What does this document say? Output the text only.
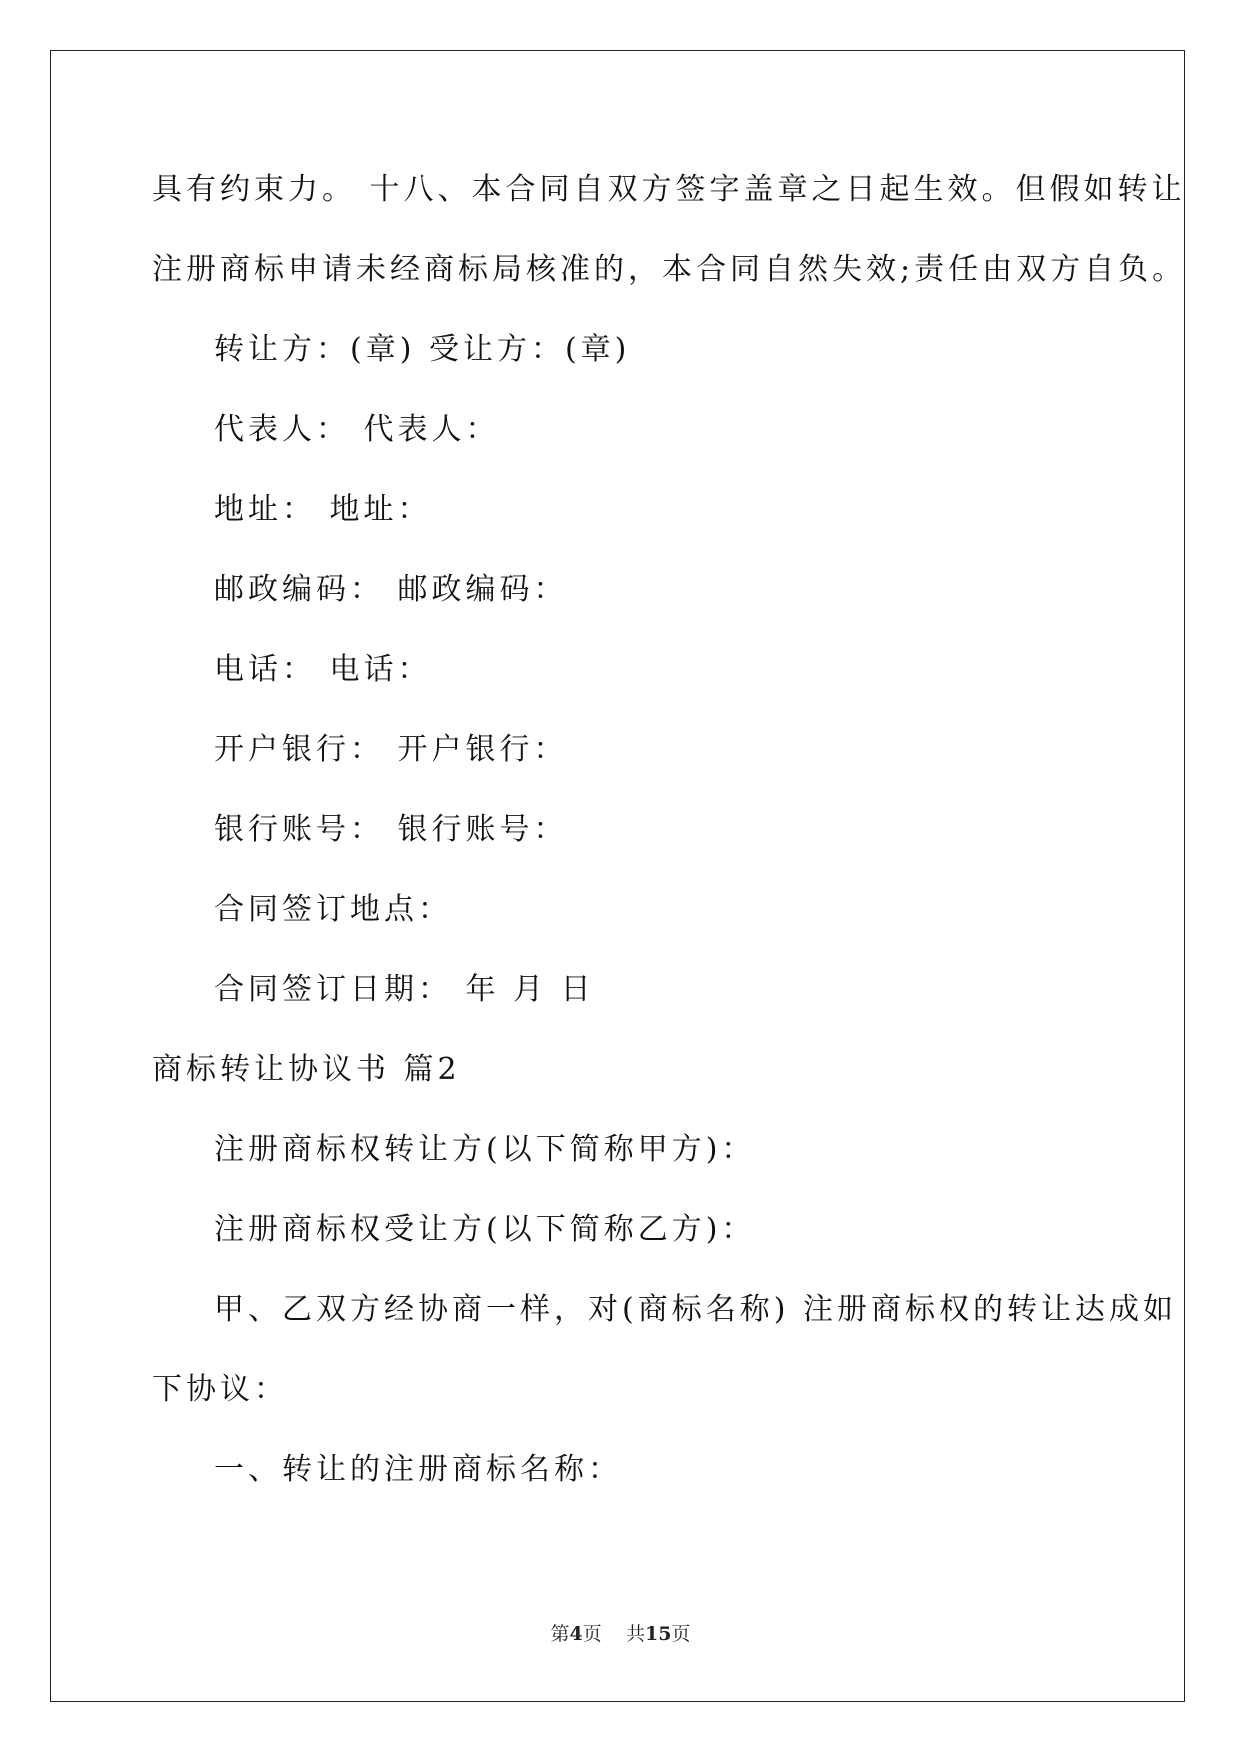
具有约束力。 十八、本合同自双方签字盖章之日起生效。但假如转让
注册商标申请未经商标局核准的，本合同自然失效;责任由双方自负。
转让方：(章) 受让方：(章)
代表人： 代表人：
地址： 地址：
邮政编码： 邮政编码：
电话： 电话：
开户银行： 开户银行：
银行账号： 银行账号：
合同签订地点：
合同签订日期： 年 月 日
商标转让协议书 篇2
注册商标权转让方(以下简称甲方)：
注册商标权受让方(以下简称乙方)：
甲、乙双方经协商一样，对(商标名称) 注册商标权的转让达成如
下协议：
一、转让的注册商标名称：
第4页 共15页
